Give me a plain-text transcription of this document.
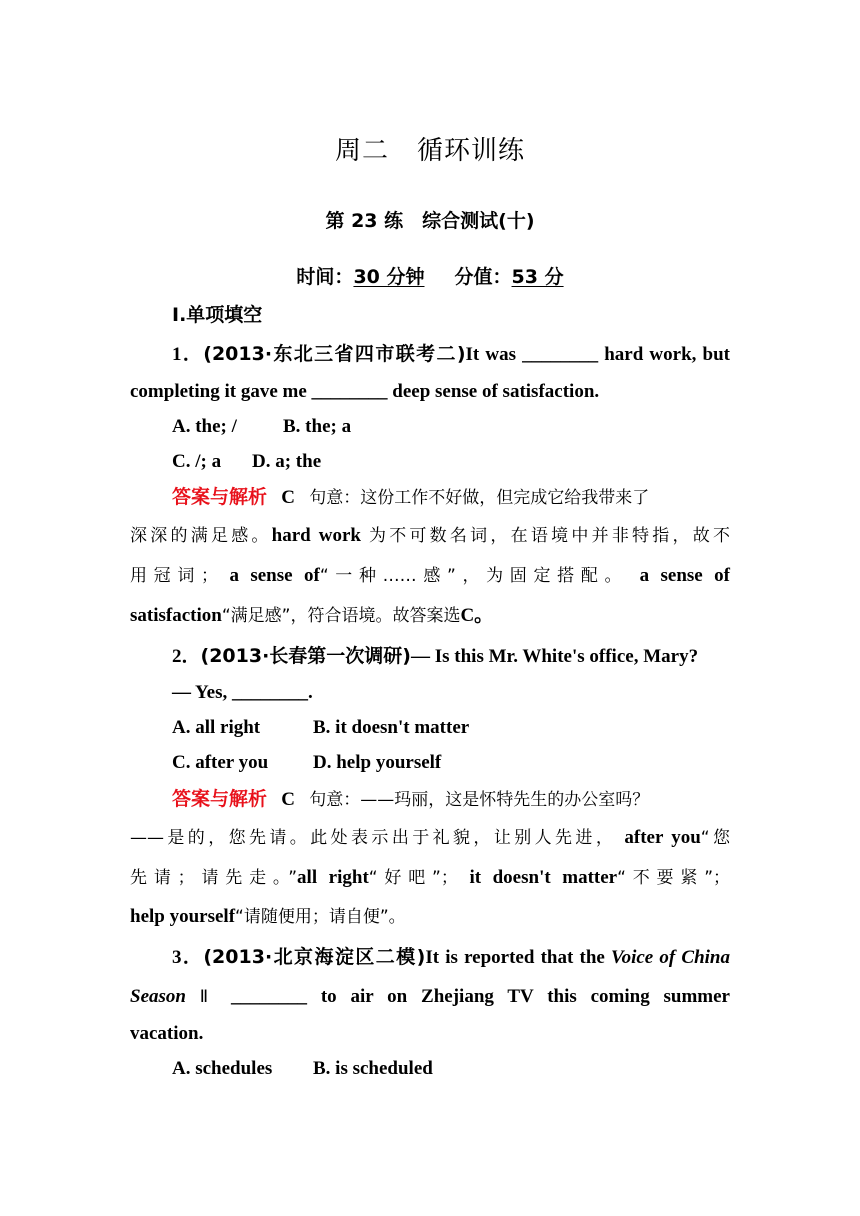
周二 循环训练
第 23 练　综合测试(十)
时间：30 分钟 分值：53 分
Ⅰ.单项填空
1．(2013·东北三省四市联考二)It was ________ hard work, but
completing it gave me ________ deep sense of satisfaction.
A. the; / B. the; a
C. /; a D. a; the
答案与解析 C 句意：这份工作不好做，但完成它给我带来了
深深的满足感。hard work 为不可数名词，在语境中并非特指，故不
用冠词； a sense of“一种……感”，为固定搭配。 a sense of
satisfaction“满足感”，符合语境。故答案选C。
2．(2013·长春第一次调研)— Is this Mr. White's office, Mary?
— Yes, ________.
A. all right	B. it doesn't matter
C. after you D. help yourself
答案与解析 C 句意：——玛丽，这是怀特先生的办公室吗？
——是的，您先请。此处表示出于礼貌，让别人先进， after you“您
先请；请先走。”all right“好吧”； it doesn't matter“不要紧”；
help yourself“请随便用；请自便”。
3．(2013·北京海淀区二模)It is reported that the Voice of China
Season Ⅱ ________ to air on Zhejiang TV this coming summer
vacation.
A. schedules B. is scheduled
